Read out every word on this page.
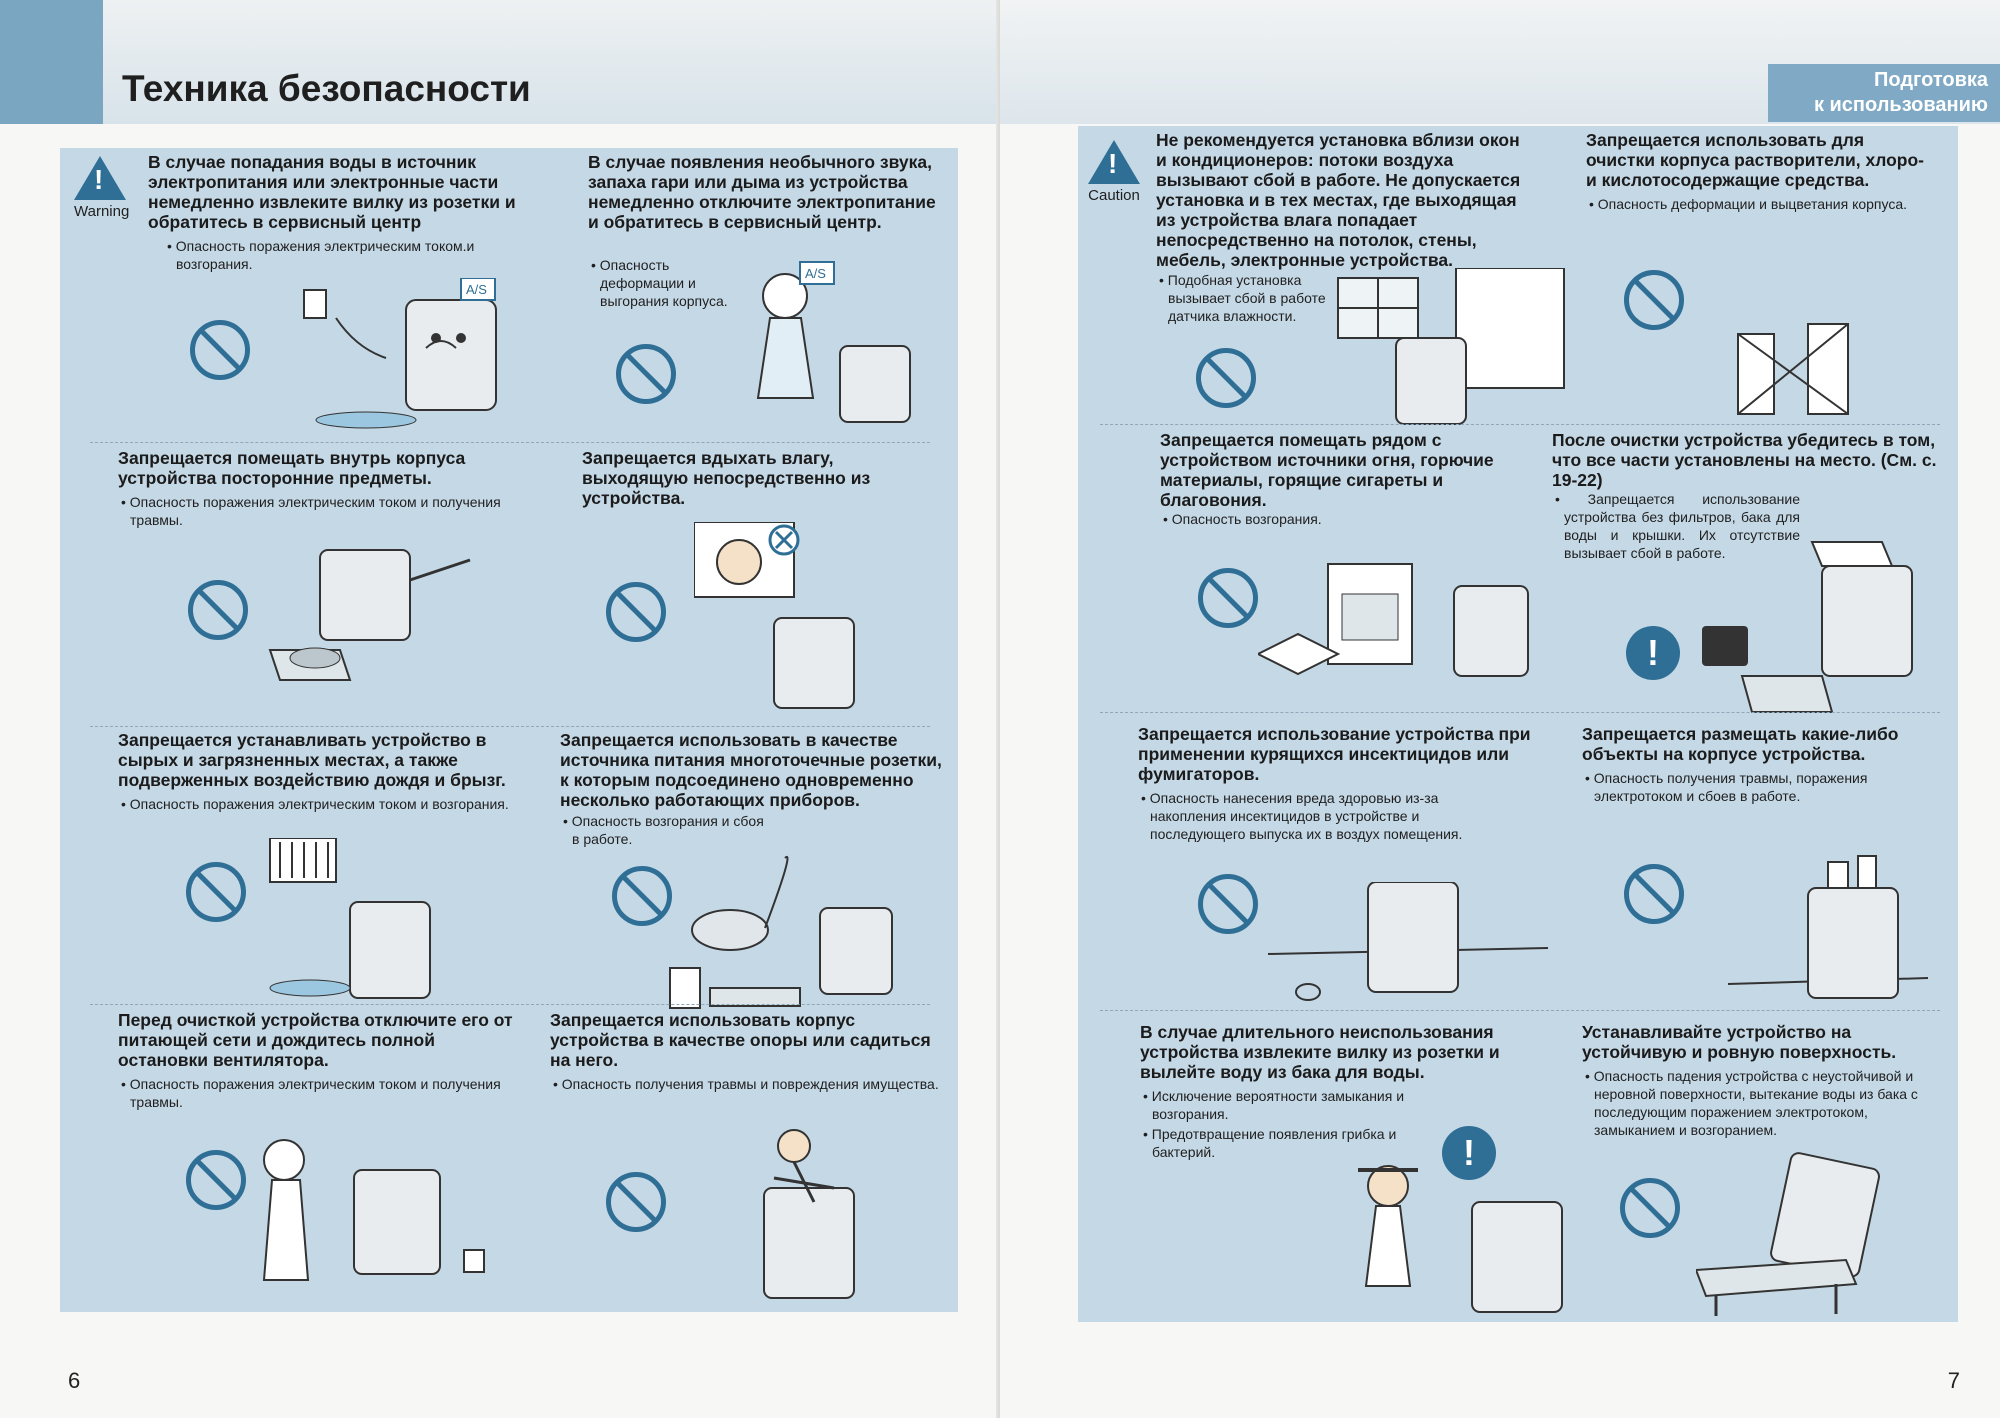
Техника безопасности
!
Warning
В случае попадания воды в источник электропитания или электронные части немедленно извлеките вилку из розетки и обратитесь в сервисный центр
• Опасность поражения электрическим током.и возгорания.
A/S
В случае появления необычного звука, запаха гари или дыма из устройства немедленно отключите электропитание и обратитесь в сервисный центр.
• Опасность деформации и выгорания корпуса.
A/S
Запрещается помещать внутрь корпуса устройства посторонние предметы.
• Опасность поражения электрическим током и получения травмы.
Запрещается вдыхать влагу, выходящую непосредственно из устройства.
Запрещается устанавливать устройство в сырых и загрязненных местах, а также подверженных воздействию дождя и брызг.
• Опасность поражения электрическим током и возгорания.
Запрещается использовать в качестве источника питания многоточечные розетки, к которым подсоединено одновременно несколько работающих приборов.
• Опасность возгорания и сбоя в работе.
Перед очисткой устройства отключите его от питающей сети и дождитесь полной остановки вентилятора.
• Опасность поражения электрическим током и получения травмы.
Запрещается использовать корпус устройства в качестве опоры или садиться на него.
• Опасность получения травмы и повреждения имущества.
6
Подготовка
к использованию
!
Caution
Не рекомендуется установка вблизи окон и кондиционеров: потоки воздуха вызывают сбой в работе. Не допускается установка и в тех местах, где выходящая из устройства влага попадает непосредственно на потолок, стены, мебель, электронные устройства.
• Подобная установка вызывает сбой в работе датчика влажности.
Запрещается использовать для очистки корпуса растворители, хлоро- и кислотосодержащие средства.
• Опасность деформации и выцветания корпуса.
Запрещается помещать рядом с устройством источники огня, горючие материалы, горящие сигареты и благовония.
• Опасность возгорания.
После очистки устройства убедитесь в том, что все части установлены на место. (См. с. 19-22)
• Запрещается использование устройства без фильтров, бака для воды и крышки. Их отсутствие вызывает сбой в работе.
!
Запрещается использование устройства при применении курящихся инсектицидов или фумигаторов.
• Опасность нанесения вреда здоровью из-за накопления инсектицидов в устройстве и последующего выпуска их в воздух помещения.
Запрещается размещать какие-либо объекты на корпусе устройства.
• Опасность получения травмы, поражения электротоком и сбоев в работе.
В случае длительного неиспользования устройства извлеките вилку из розетки и вылейте воду из бака для воды.
• Исключение вероятности замыкания и возгорания.
• Предотвращение появления грибка и бактерий.	!
Устанавливайте устройство на устойчивую и ровную поверхность.
• Опасность падения устройства с неустойчивой и неровной поверхности, вытекание воды из бака с последующим поражением электротоком, замыканием и возгоранием.
7
